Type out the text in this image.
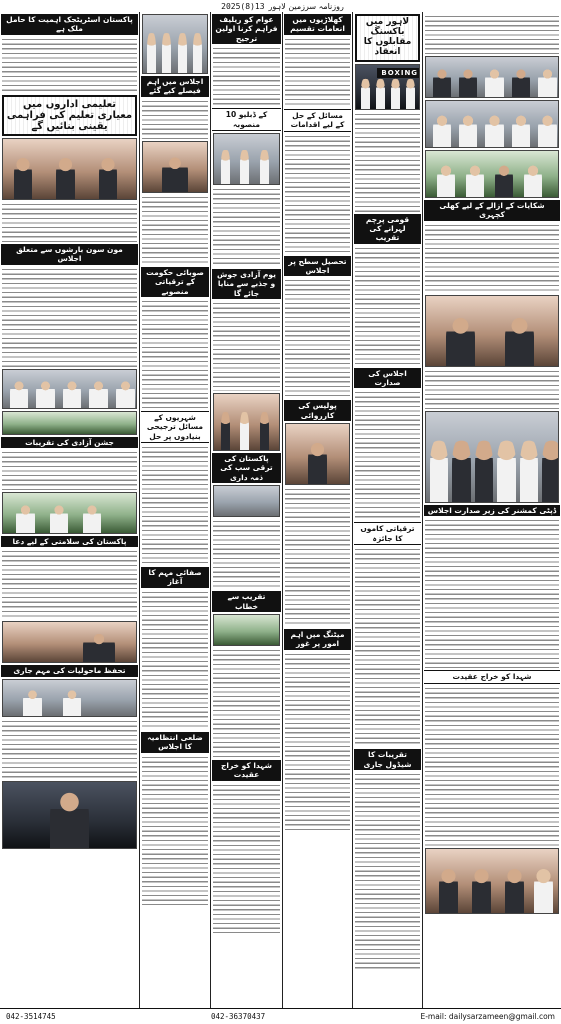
روزنامہ سرزمین لاہور
13(8)2025
پاکستان اسٹریٹجک اہمیت کا حامل ملک ہے
تعلیمی اداروں میں معیاری تعلیم کی فراہمی یقینی بنائیں گے
مون سون بارشوں سے متعلق اجلاس
جشن آزادی کی تقریبات
پاکستان کی سلامتی کے لیے دعا
تحفظ ماحولیات کی مہم جاری
اجلاس میں اہم فیصلے کیے گئے
صوبائی حکومت کے ترقیاتی منصوبے
شہریوں کے مسائل ترجیحی بنیادوں پر حل
صفائی مہم کا آغاز
ضلعی انتظامیہ کا اجلاس
عوام کو ریلیف فراہم کرنا اولین ترجیح
کے ڈبلیو 10 منصوبہ
یوم آزادی جوش و جذبے سے منایا جائے گا
پاکستان کی ترقی سب کی ذمہ داری
تقریب سے خطاب
شہدا کو خراج عقیدت
کھلاڑیوں میں انعامات تقسیم
مسائل کے حل کے لیے اقدامات
تحصیل سطح پر اجلاس
پولیس کی کارروائی
میٹنگ میں اہم امور پر غور
لاہور میں باکسنگ مقابلوں کا انعقاد
BOXING
قومی پرچم لہرانے کی تقریب
اجلاس کی صدارت
ترقیاتی کاموں کا جائزہ
تقریبات کا شیڈول جاری
شکایات کے ازالے کے لیے کھلی کچہری
ڈپٹی کمشنر کی زیر صدارت اجلاس
شہدا کو خراج عقیدت
042-3514745	042-36370437	E-mail: dailysarzameen@gmail.com
